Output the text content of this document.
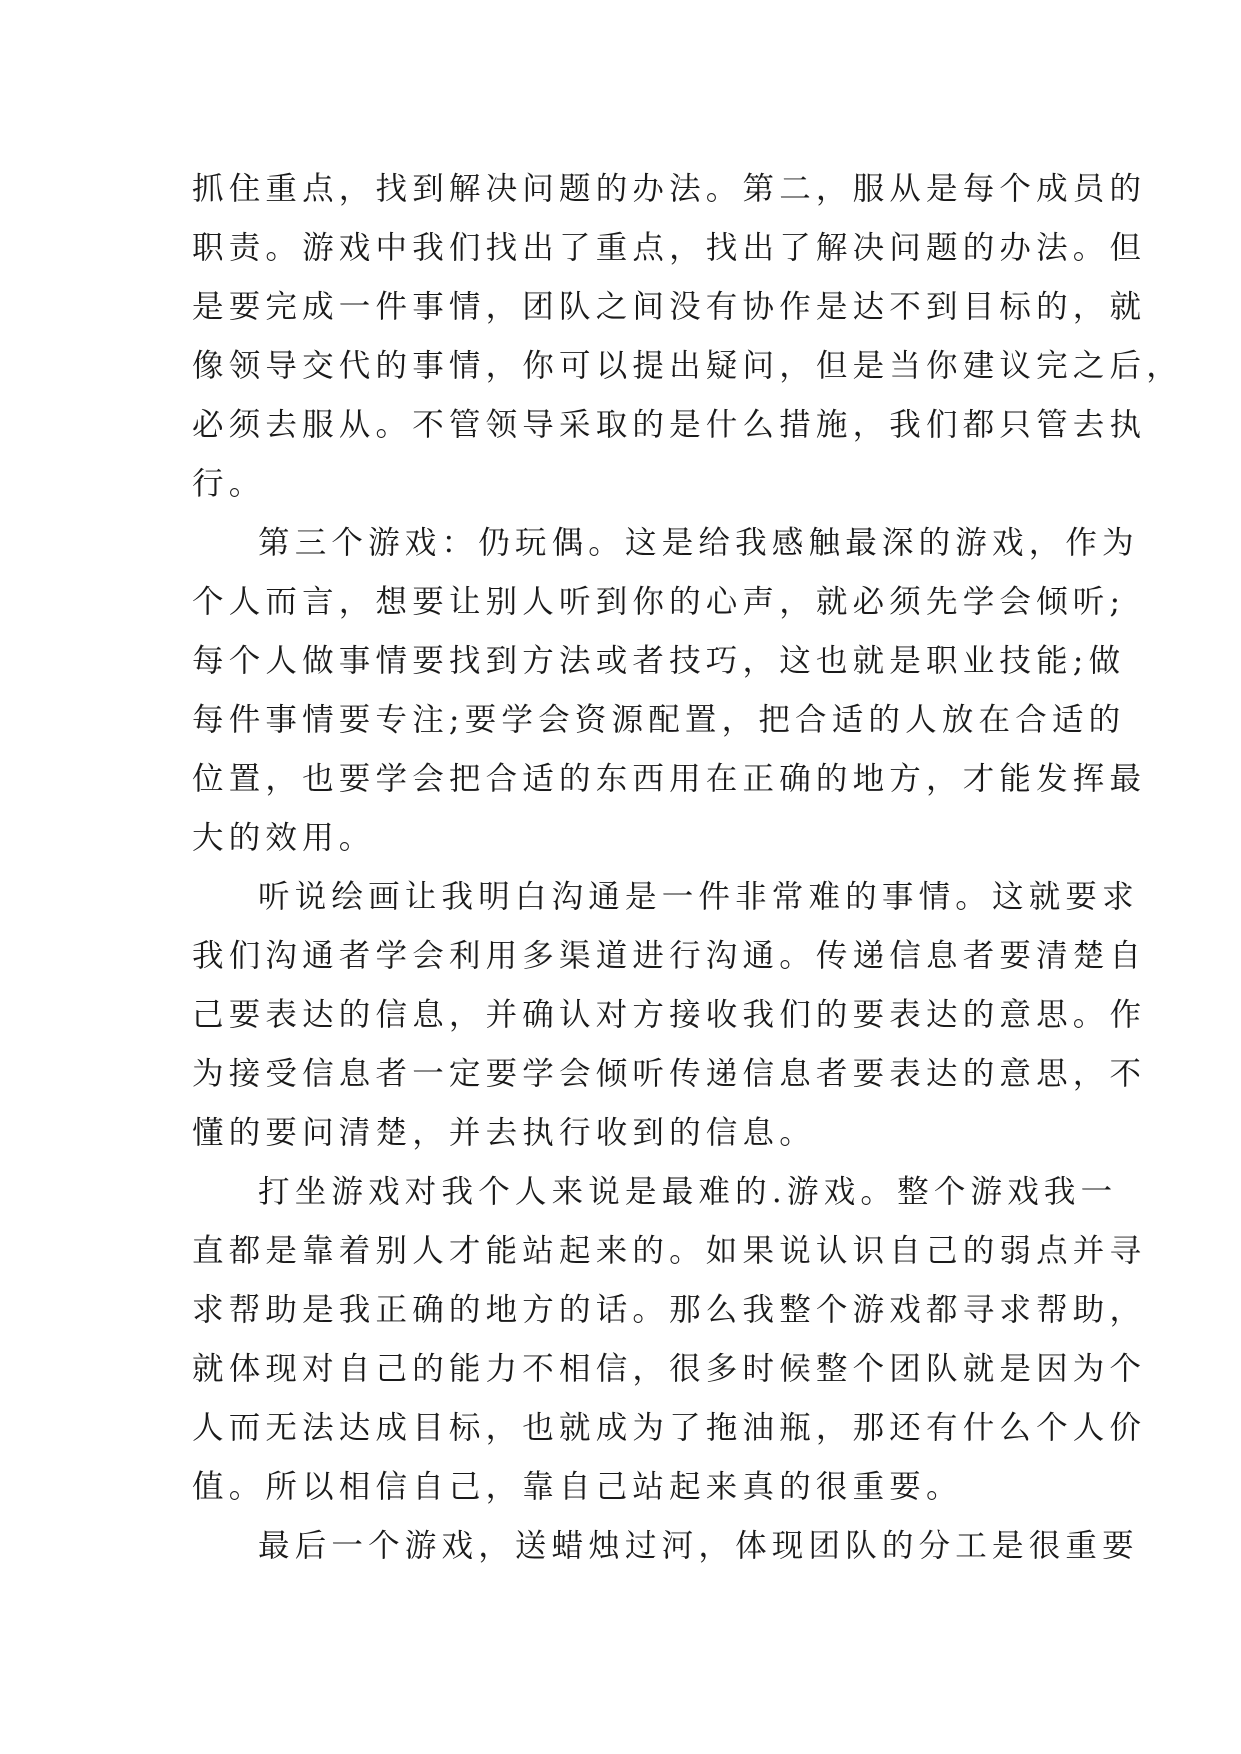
抓住重点，找到解决问题的办法。第二，服从是每个成员的
职责。游戏中我们找出了重点，找出了解决问题的办法。但
是要完成一件事情，团队之间没有协作是达不到目标的，就
像领导交代的事情，你可以提出疑问，但是当你建议完之后，
必须去服从。不管领导采取的是什么措施，我们都只管去执
行。
第三个游戏：仍玩偶。这是给我感触最深的游戏，作为
个人而言，想要让别人听到你的心声，就必须先学会倾听;
每个人做事情要找到方法或者技巧，这也就是职业技能;做
每件事情要专注;要学会资源配置，把合适的人放在合适的
位置，也要学会把合适的东西用在正确的地方，才能发挥最
大的效用。
听说绘画让我明白沟通是一件非常难的事情。这就要求
我们沟通者学会利用多渠道进行沟通。传递信息者要清楚自
己要表达的信息，并确认对方接收我们的要表达的意思。作
为接受信息者一定要学会倾听传递信息者要表达的意思，不
懂的要问清楚，并去执行收到的信息。
打坐游戏对我个人来说是最难的.游戏。整个游戏我一
直都是靠着别人才能站起来的。如果说认识自己的弱点并寻
求帮助是我正确的地方的话。那么我整个游戏都寻求帮助，
就体现对自己的能力不相信，很多时候整个团队就是因为个
人而无法达成目标，也就成为了拖油瓶，那还有什么个人价
值。所以相信自己，靠自己站起来真的很重要。
最后一个游戏，送蜡烛过河，体现团队的分工是很重要
